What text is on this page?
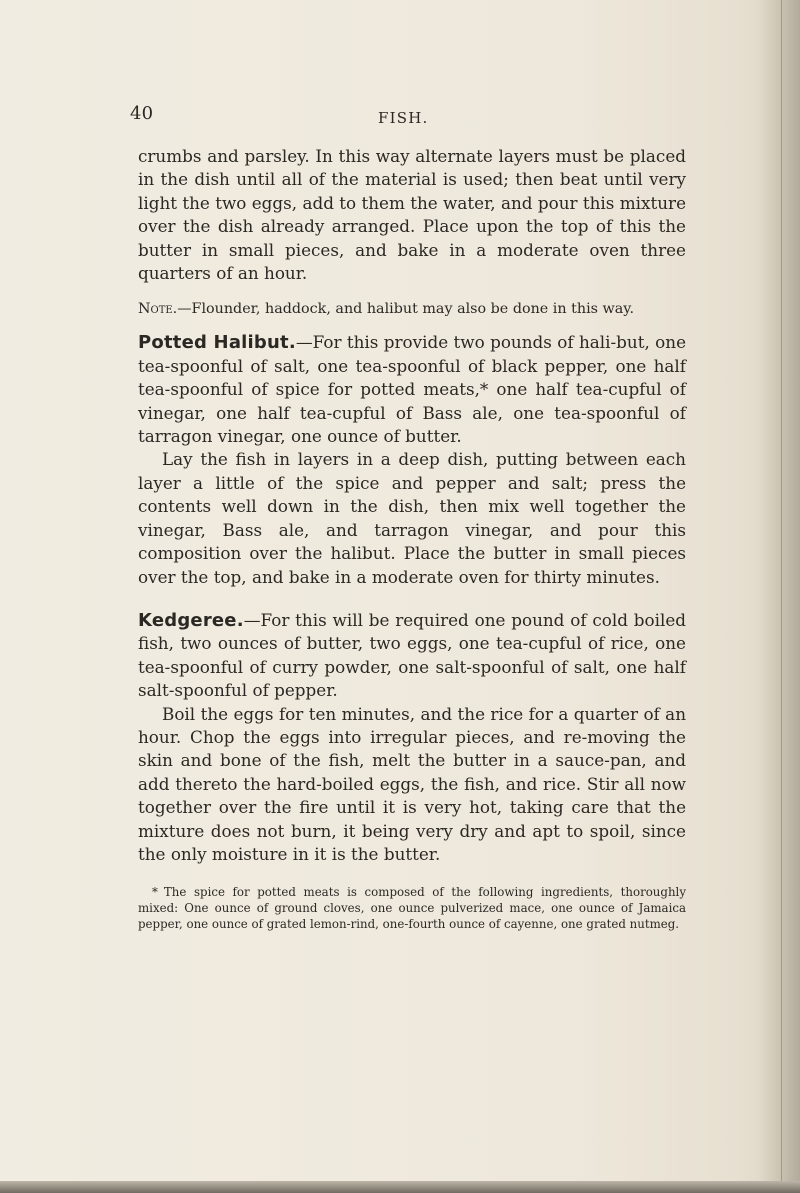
40	FISH.

crumbs and parsley. In this way alternate layers must be placed in the dish until all of the material is used; then beat until very light the two eggs, add to them the water, and pour this mixture over the dish already arranged. Place upon the top of this the butter in small pieces, and bake in a moderate oven three quarters of an hour.

Note.—Flounder, haddock, and halibut may also be done in this way.

Potted Halibut.—For this provide two pounds of hali-but, one tea-spoonful of salt, one tea-spoonful of black pepper, one half tea-spoonful of spice for potted meats,* one half tea-cupful of vinegar, one half tea-cupful of Bass ale, one tea-spoonful of tarragon vinegar, one ounce of butter.

Lay the fish in layers in a deep dish, putting between each layer a little of the spice and pepper and salt; press the contents well down in the dish, then mix well together the vinegar, Bass ale, and tarragon vinegar, and pour this composition over the halibut. Place the butter in small pieces over the top, and bake in a moderate oven for thirty minutes.

Kedgeree.—For this will be required one pound of cold boiled fish, two ounces of butter, two eggs, one tea-cupful of rice, one tea-spoonful of curry powder, one salt-spoonful of salt, one half salt-spoonful of pepper.

Boil the eggs for ten minutes, and the rice for a quarter of an hour. Chop the eggs into irregular pieces, and re-moving the skin and bone of the fish, melt the butter in a sauce-pan, and add thereto the hard-boiled eggs, the fish, and rice. Stir all now together over the fire until it is very hot, taking care that the mixture does not burn, it being very dry and apt to spoil, since the only moisture in it is the butter.

* The spice for potted meats is composed of the following ingredients, thoroughly mixed: One ounce of ground cloves, one ounce pulverized mace, one ounce of Jamaica pepper, one ounce of grated lemon-rind, one-fourth ounce of cayenne, one grated nutmeg.
